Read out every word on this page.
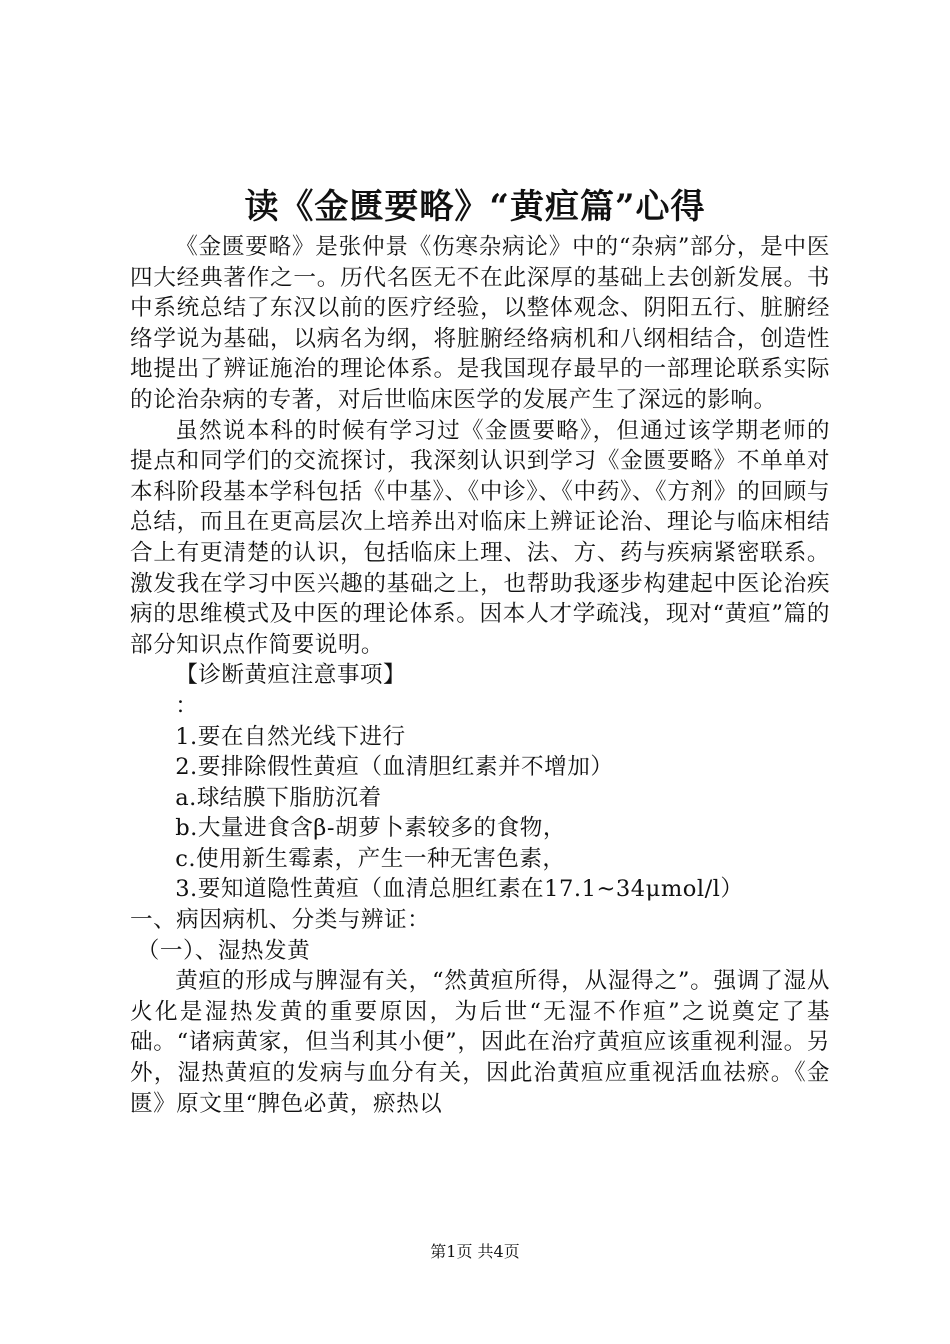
读《金匮要略》“黄疸篇”心得

《金匮要略》是张仲景《伤寒杂病论》中的“杂病”部分，是中医四大经典著作之一。历代名医无不在此深厚的基础上去创新发展。书中系统总结了东汉以前的医疗经验，以整体观念、阴阳五行、脏腑经络学说为基础，以病名为纲，将脏腑经络病机和八纲相结合，创造性地提出了辨证施治的理论体系。是我国现存最早的一部理论联系实际的论治杂病的专著，对后世临床医学的发展产生了深远的影响。

虽然说本科的时候有学习过《金匮要略》，但通过该学期老师的提点和同学们的交流探讨，我深刻认识到学习《金匮要略》不单单对本科阶段基本学科包括《中基》、《中诊》、《中药》、《方剂》的回顾与总结，而且在更高层次上培养出对临床上辨证论治、理论与临床相结合上有更清楚的认识，包括临床上理、法、方、药与疾病紧密联系。激发我在学习中医兴趣的基础之上，也帮助我逐步构建起中医论治疾病的思维模式及中医的理论体系。因本人才学疏浅，现对“黄疸”篇的部分知识点作简要说明。

【诊断黄疸注意事项】

：

1.要在自然光线下进行

2.要排除假性黄疸（血清胆红素并不增加）

a.球结膜下脂肪沉着

b.大量进食含β-胡萝卜素较多的食物，

c.使用新生霉素，产生一种无害色素，

3.要知道隐性黄疸（血清总胆红素在17.1~34μmol/l）

一、病因病机、分类与辨证：

（一）、湿热发黄

黄疸的形成与脾湿有关，“然黄疸所得，从湿得之”。强调了湿从火化是湿热发黄的重要原因，为后世“无湿不作疸”之说奠定了基础。“诸病黄家，但当利其小便”，因此在治疗黄疸应该重视利湿。另外，湿热黄疸的发病与血分有关，因此治黄疸应重视活血祛瘀。《金匮》原文里“脾色必黄，瘀热以

第1页 共4页
